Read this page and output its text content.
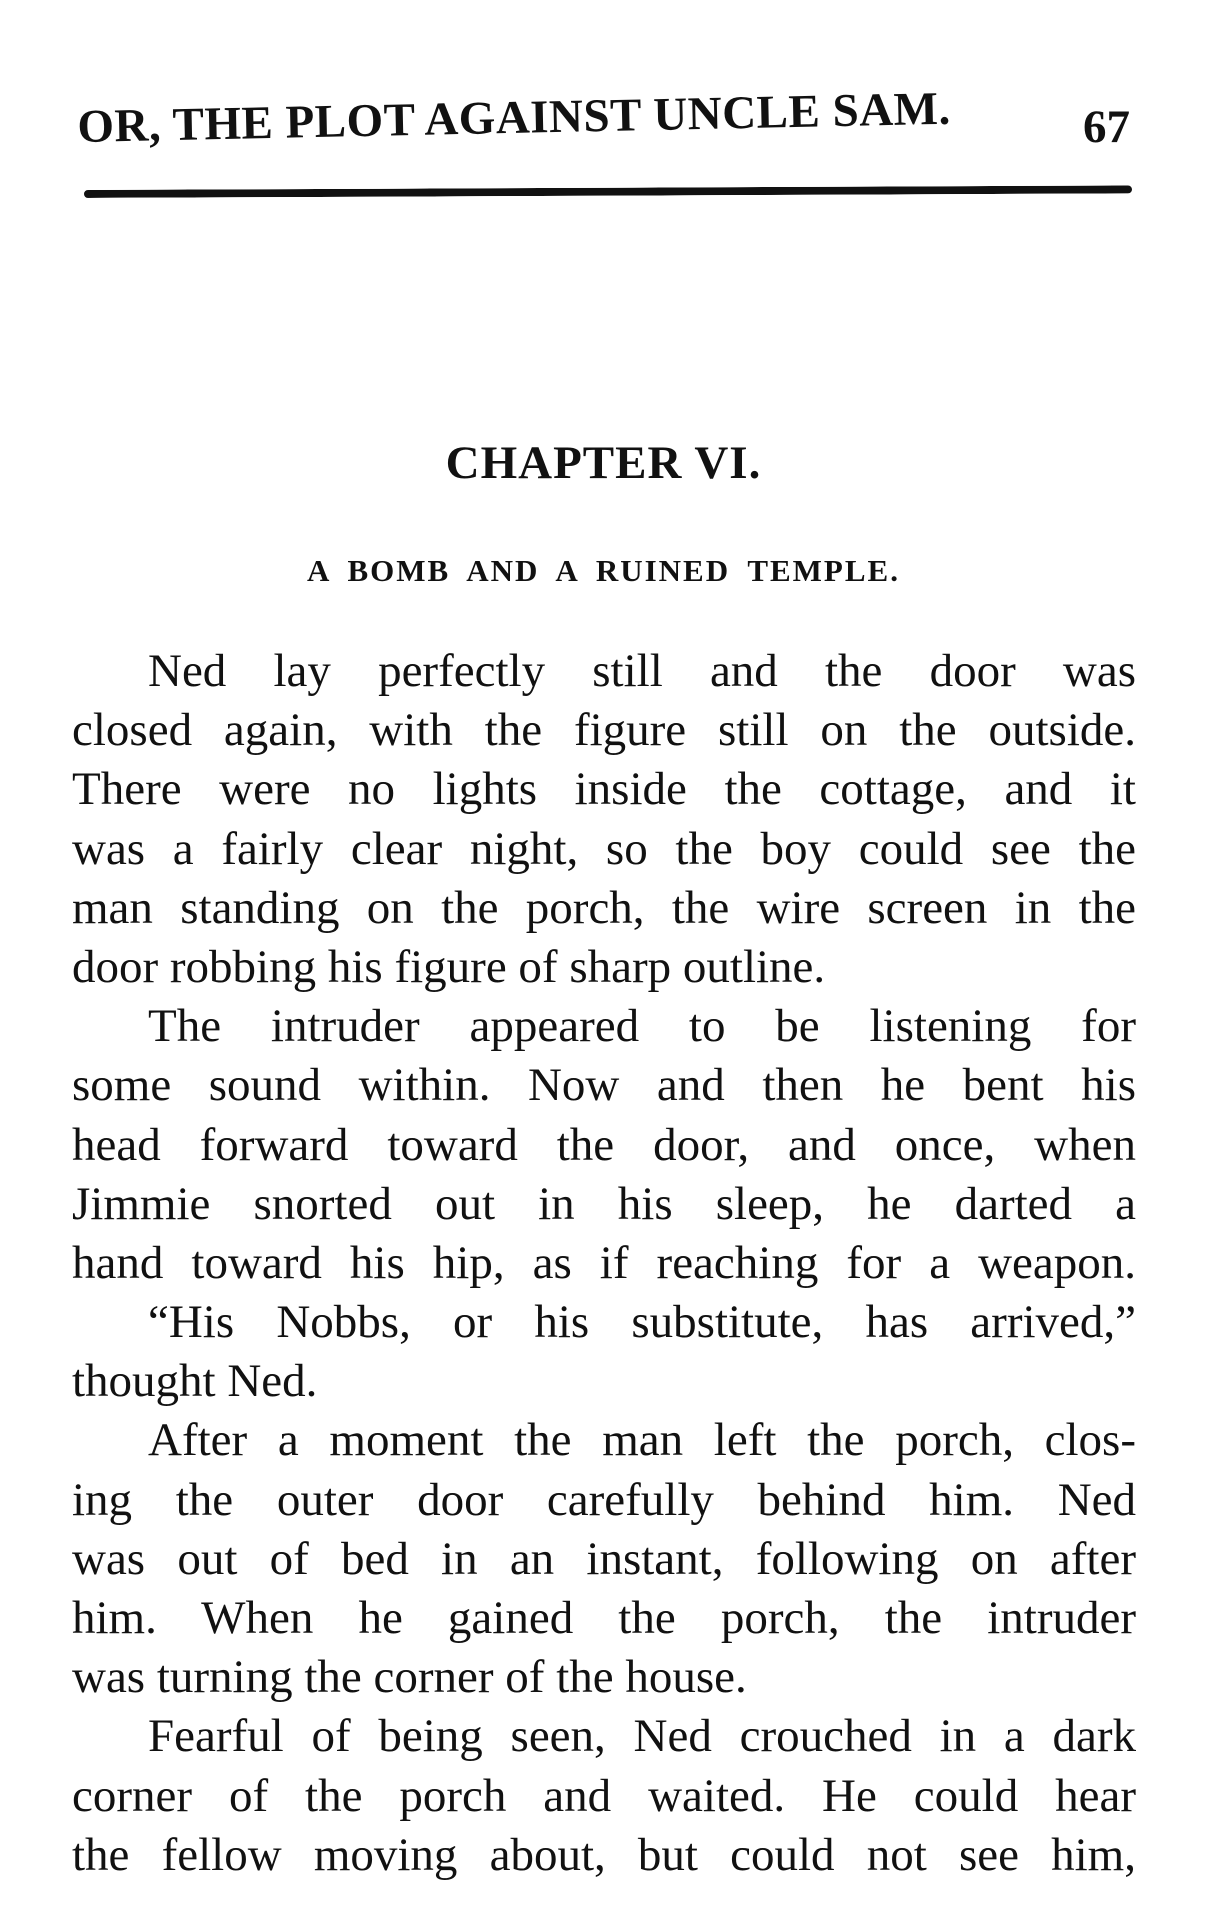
OR, THE PLOT AGAINST UNCLE SAM.	67
CHAPTER VI.
A BOMB AND A RUINED TEMPLE.
Ned lay perfectly still and the door was
closed again, with the figure still on the outside.
There were no lights inside the cottage, and it
was a fairly clear night, so the boy could see the
man standing on the porch, the wire screen in the
door robbing his figure of sharp outline.
The intruder appeared to be listening for
some sound within. Now and then he bent his
head forward toward the door, and once, when
Jimmie snorted out in his sleep, he darted a
hand toward his hip, as if reaching for a weapon.
“His Nobbs, or his substitute, has arrived,”
thought Ned.
After a moment the man left the porch, clos-
ing the outer door carefully behind him. Ned
was out of bed in an instant, following on after
him. When he gained the porch, the intruder
was turning the corner of the house.
Fearful of being seen, Ned crouched in a dark
corner of the porch and waited. He could hear
the fellow moving about, but could not see him,
